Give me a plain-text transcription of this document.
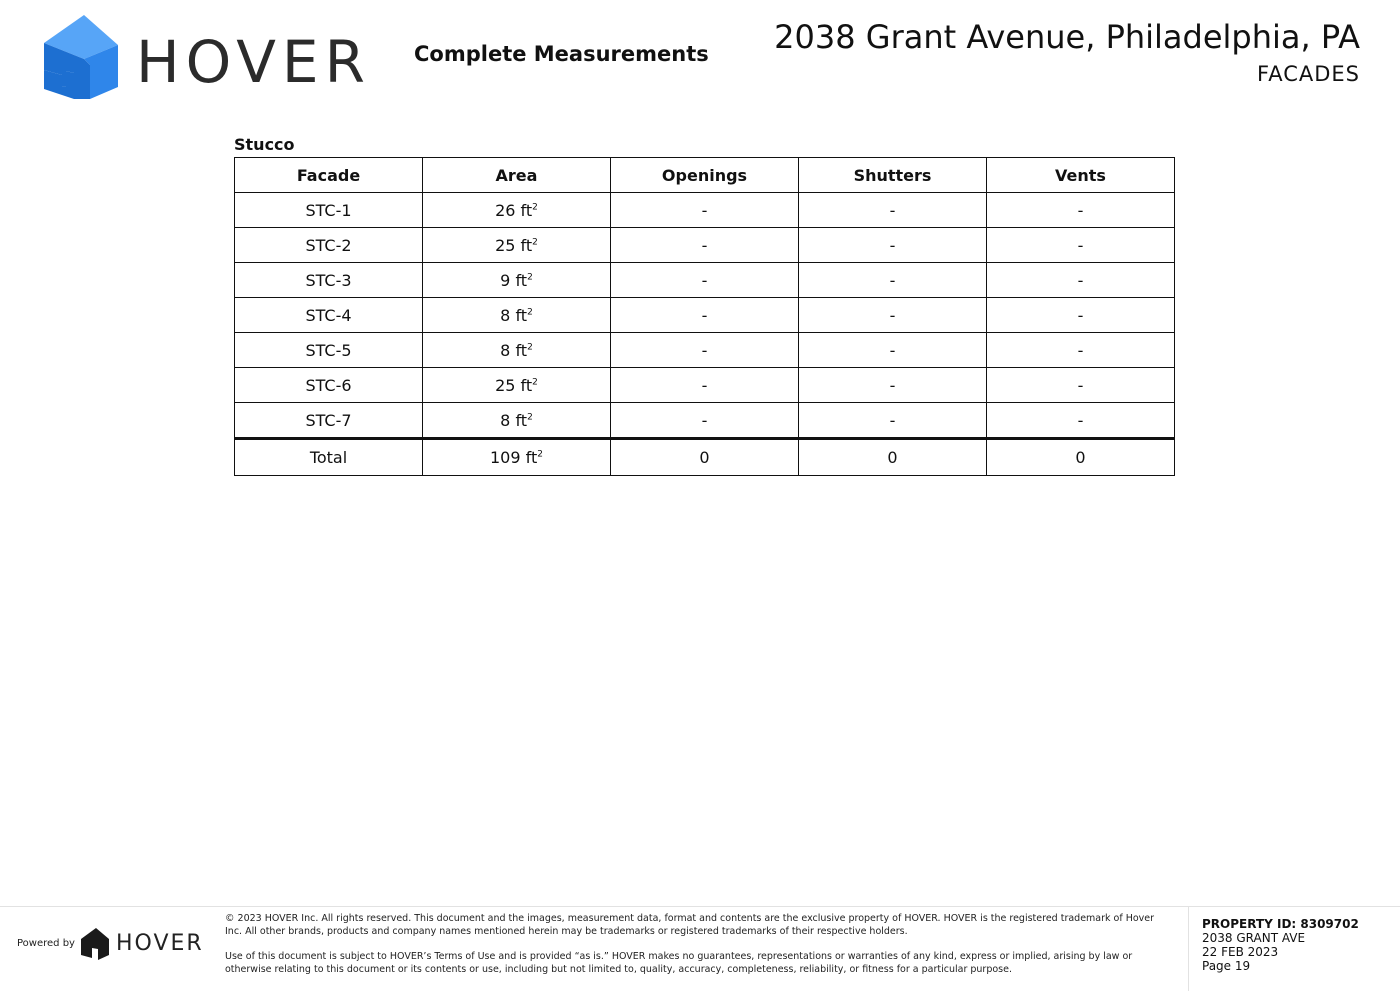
HOVER Complete Measurements 2038 Grant Avenue, Philadelphia, PA
FACADES
Stucco
Facade	Area	Openings	Shutters	Vents
STC-1	26 $ft^2$	-	-	-
STC-2	25 $ft^2$	-	-	-
STC-3	9 $ft^2$	-	-	-
STC-4	8 $ft^2$	-	-	-
STC-5	8 $ft^2$	-	-	-
STC-6	25 $ft^2$	-	-	-
STC-7	8 $ft^2$	-	-	-
Total	109 $ft^2$	0	0	0
Powered by HOVER
© 2023 HOVER Inc. All rights reserved. This document and the images, measurement data, format and contents are the exclusive property of HOVER. HOVER is the registered trademark of Hover Inc. All other brands, products and company names mentioned herein may be trademarks or registered trademarks of their respective holders.
Use of this document is subject to HOVER’s Terms of Use and is provided “as is.” HOVER makes no guarantees, representations or warranties of any kind, express or implied, arising by law or otherwise relating to this document or its contents or use, including but not limited to, quality, accuracy, completeness, reliability, or fitness for a particular purpose.
PROPERTY ID: 8309702
2038 GRANT AVE
22 FEB 2023
Page 19
